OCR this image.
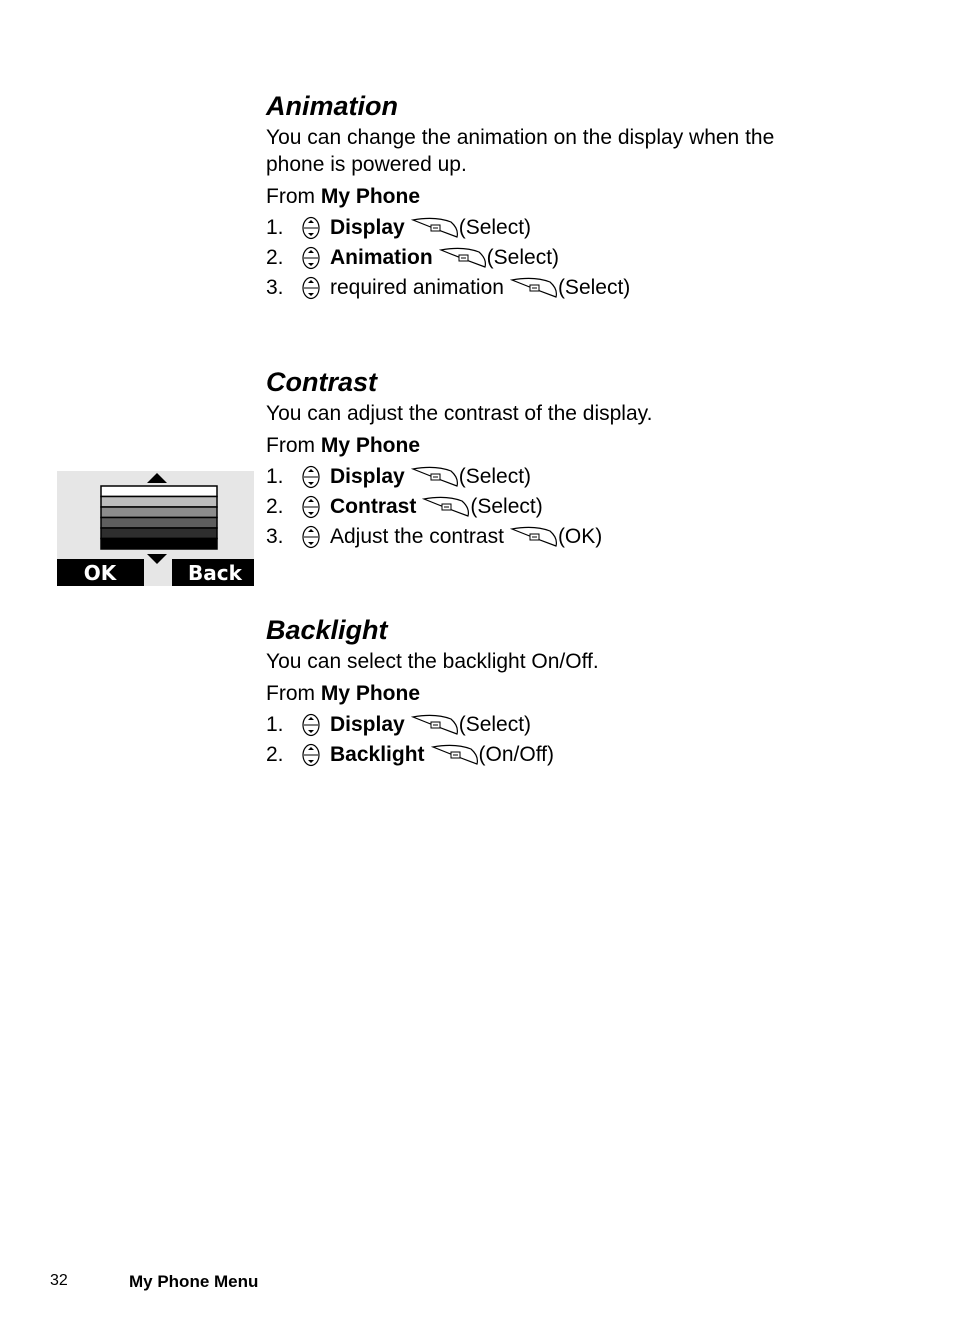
Animation

You can change the animation on the display when the phone is powered up.

From My Phone
1. Display	(Select)
2. Animation	(Select)
3. required animation	(Select)
Contrast

You can adjust the contrast of the display.

From My Phone
1. Display	(Select)
2. Contrast	(Select)
3. Adjust the contrast	(OK)
OK	Back
Backlight

You can select the backlight On/Off.

From My Phone
1. Display	(Select)
2. Backlight	(On/Off)
32	My Phone Menu
